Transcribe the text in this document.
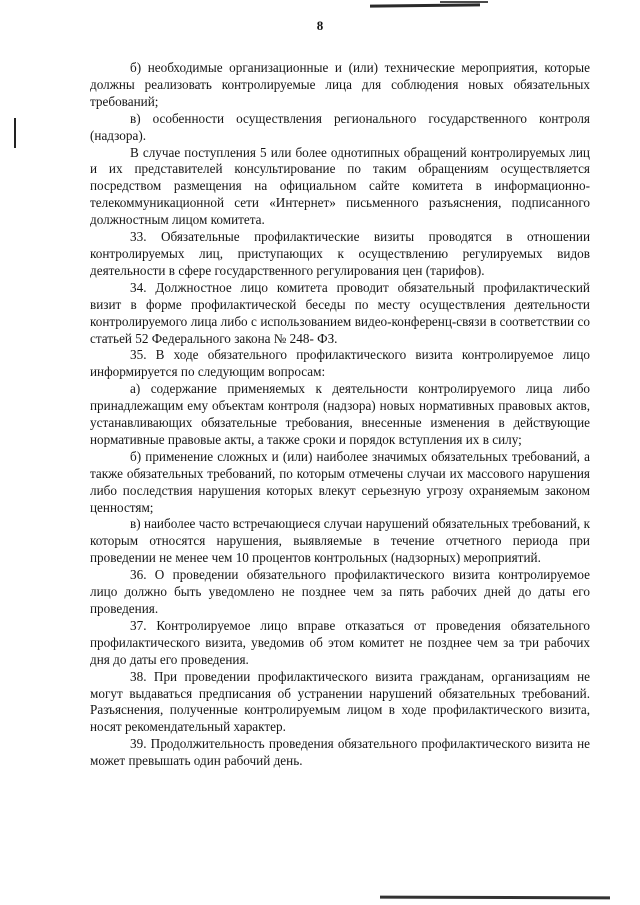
8

б) необходимые организационные и (или) технические мероприятия, которые должны реализовать контролируемые лица для соблюдения новых обязательных требований;

в) особенности осуществления регионального государственного контроля (надзора).

В случае поступления 5 или более однотипных обращений контролируемых лиц и их представителей консультирование по таким обращениям осуществляется посредством размещения на официальном сайте комитета в информационно-телекоммуникационной сети «Интернет» письменного разъяснения, подписанного должностным лицом комитета.

33. Обязательные профилактические визиты проводятся в отношении контролируемых лиц, приступающих к осуществлению регулируемых видов деятельности в сфере государственного регулирования цен (тарифов).

34. Должностное лицо комитета проводит обязательный профилактический визит в форме профилактической беседы по месту осуществления деятельности контролируемого лица либо с использованием видео-конференц-связи в соответствии со статьей 52 Федерального закона № 248- ФЗ.

35. В ходе обязательного профилактического визита контролируемое лицо информируется по следующим вопросам:

а) содержание применяемых к деятельности контролируемого лица либо принадлежащим ему объектам контроля (надзора) новых нормативных правовых актов, устанавливающих обязательные требования, внесенные изменения в действующие нормативные правовые акты, а также сроки и порядок вступления их в силу;

б) применение сложных и (или) наиболее значимых обязательных требований, а также обязательных требований, по которым отмечены случаи их массового нарушения либо последствия нарушения которых влекут серьезную угрозу охраняемым законом ценностям;

в) наиболее часто встречающиеся случаи нарушений обязательных требований, к которым относятся нарушения, выявляемые в течение отчетного периода при проведении не менее чем 10 процентов контрольных (надзорных) мероприятий.

36. О проведении обязательного профилактического визита контролируемое лицо должно быть уведомлено не позднее чем за пять рабочих дней до даты его проведения.

37. Контролируемое лицо вправе отказаться от проведения обязательного профилактического визита, уведомив об этом комитет не позднее чем за три рабочих дня до даты его проведения.

38. При проведении профилактического визита гражданам, организациям не могут выдаваться предписания об устранении нарушений обязательных требований. Разъяснения, полученные контролируемым лицом в ходе профилактического визита, носят рекомендательный характер.

39. Продолжительность проведения обязательного профилактического визита не может превышать один рабочий день.
